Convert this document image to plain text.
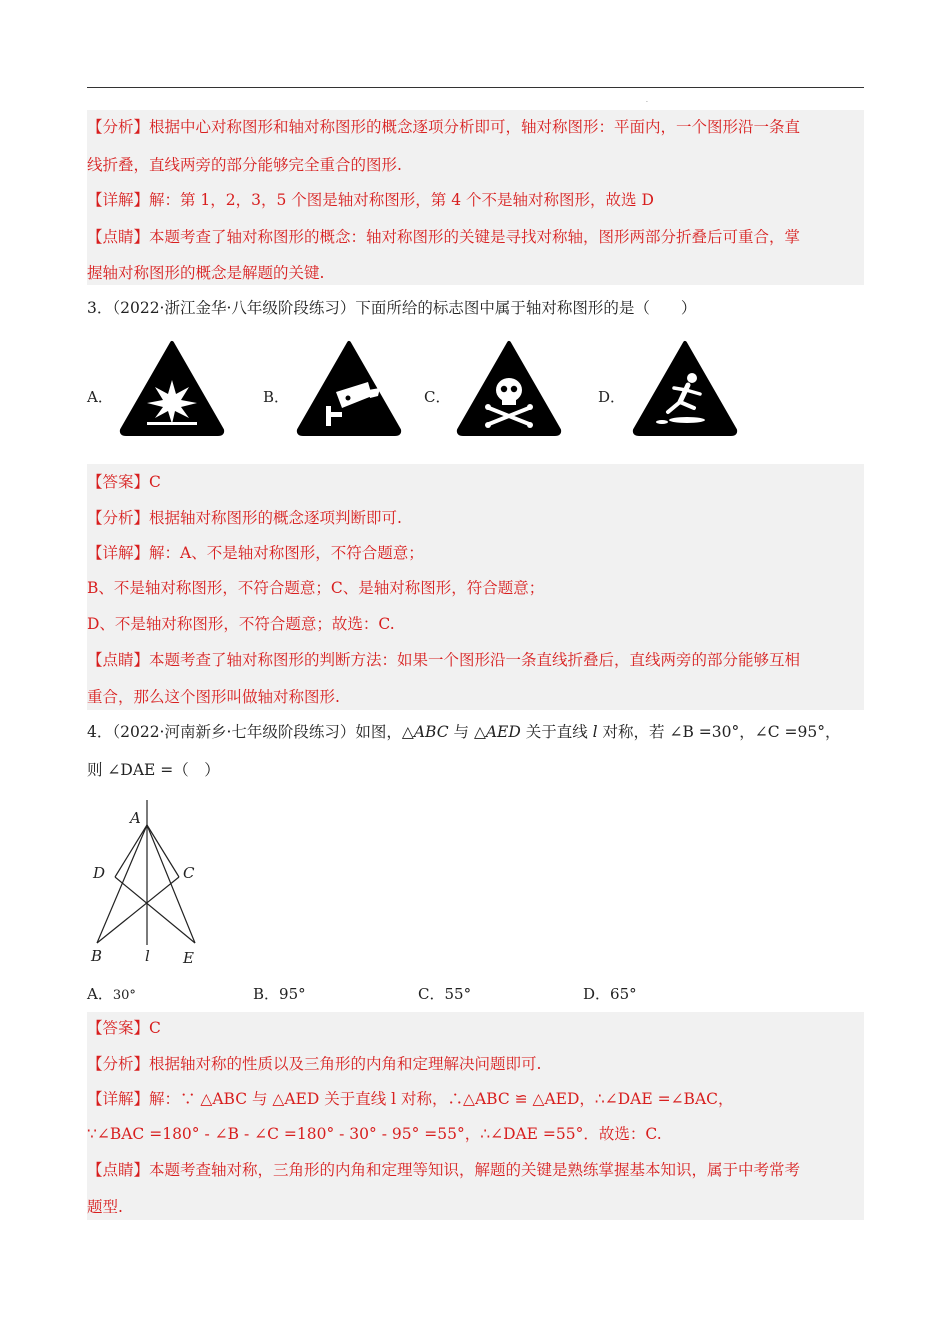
·
【分析】根据中心对称图形和轴对称图形的概念逐项分析即可，轴对称图形：平面内，一个图形沿一条直
线折叠，直线两旁的部分能够完全重合的图形.
【详解】解：第 1，2，3，5 个图是轴对称图形，第 4 个不是轴对称图形，故选 D
【点睛】本题考查了轴对称图形的概念：轴对称图形的关键是寻找对称轴，图形两部分折叠后可重合，掌
握轴对称图形的概念是解题的关键.
3．（2022·浙江金华·八年级阶段练习）下面所给的标志图中属于轴对称图形的是（　　）
A．	B．	C．	D．
【答案】C
【分析】根据轴对称图形的概念逐项判断即可.
【详解】解：A、不是轴对称图形，不符合题意；
B、不是轴对称图形，不符合题意；C、是轴对称图形，符合题意；
D、不是轴对称图形，不符合题意；故选：C.
【点睛】本题考查了轴对称图形的判断方法：如果一个图形沿一条直线折叠后，直线两旁的部分能够互相
重合，那么这个图形叫做轴对称图形.
4．（2022·河南新乡·七年级阶段练习）如图，△ABC 与 △AED 关于直线 l 对称，若 ∠B =30°，∠C =95°，
则 ∠DAE =（　）
A
D	C
B	l E
A．30°	B．95°	C．55°	D．65°
【答案】C
【分析】根据轴对称的性质以及三角形的内角和定理解决问题即可.
【详解】解：∵ △ABC 与 △AED 关于直线 l 对称，∴△ABC ≌ △AED，∴∠DAE =∠BAC，
∵∠BAC =180° - ∠B - ∠C =180° - 30° - 95° =55°，∴∠DAE =55°．故选：C.
【点睛】本题考查轴对称，三角形的内角和定理等知识，解题的关键是熟练掌握基本知识，属于中考常考
题型.
